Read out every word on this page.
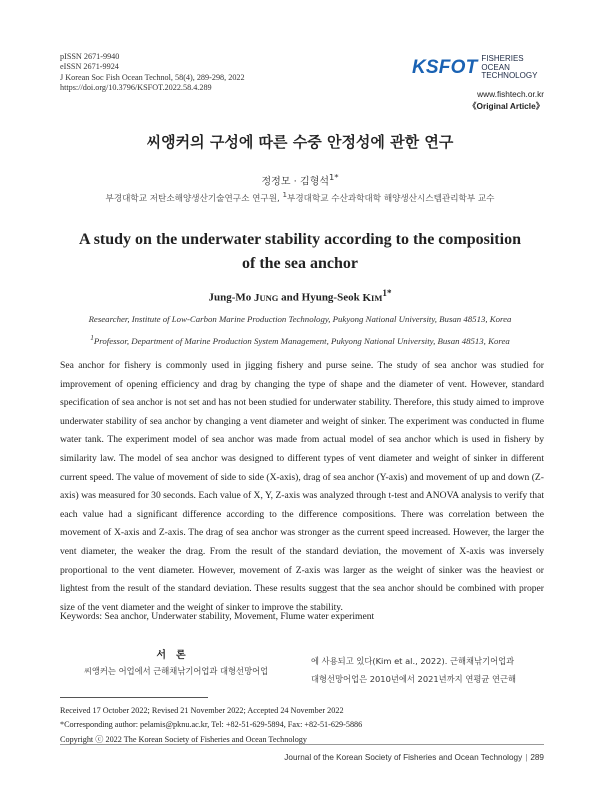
pISSN 2671-9940
eISSN 2671-9924
J Korean Soc Fish Ocean Technol, 58(4), 289-298, 2022
https://doi.org/10.3796/KSFOT.2022.58.4.289
KSFOT FISHERIES OCEAN
TECHNOLOGY
www.fishtech.or.kr
《Original Article》
씨앵커의 구성에 따른 수중 안정성에 관한 연구
정정모 · 김형석$^{1*}$
부경대학교 저탄소해양생산기술연구소 연구원, $^1$부경대학교 수산과학대학 해양생산시스템관리학부 교수
A study on the underwater stability according to the composition
of the sea anchor
Jung-Mo JUNG and Hyung-Seok $KIM^{1*}$
Researcher, Institute of Low-Carbon Marine Production Technology, Pukyong National University, Busan 48513, Korea
$^1$Professor, Department of Marine Production System Management, Pukyong National University, Busan 48513, Korea
Sea anchor for fishery is commonly used in jigging fishery and purse seine. The study of sea anchor was studied for improvement of opening efficiency and drag by changing the type of shape and the diameter of vent. However, standard specification of sea anchor is not set and has not been studied for underwater stability. Therefore, this study aimed to improve underwater stability of sea anchor by changing a vent diameter and weight of sinker. The experiment was conducted in flume water tank. The experiment model of sea anchor was made from actual model of sea anchor which is used in fishery by similarity law. The model of sea anchor was designed to different types of vent diameter and weight of sinker in different current speed. The value of movement of side to side (X-axis), drag of sea anchor (Y-axis) and movement of up and down (Z-axis) was measured for 30 seconds. Each value of X, Y, Z-axis was analyzed through t-test and ANOVA analysis to verify that each value had a significant difference according to the difference compositions. There was correlation between the movement of X-axis and Z-axis. The drag of sea anchor was stronger as the current speed increased. However, the larger the vent diameter, the weaker the drag. From the result of the standard deviation, the movement of X-axis was inversely proportional to the vent diameter. However, movement of Z-axis was larger as the weight of sinker was the heaviest or lightest from the result of the standard deviation. These results suggest that the sea anchor should be combined with proper size of the vent diameter and the weight of sinker to improve the stability.
Keywords: Sea anchor, Underwater stability, Movement, Flume water experiment
서론
씨앵커는 어업에서 근해채낚기어업과 대형선망어업
에 사용되고 있다(Kim et al., 2022). 근해채낚기어업과
대형선망어업은 2010년에서 2021년까지 연평균 연근해
Received 17 October 2022; Revised 21 November 2022; Accepted 24 November 2022
*Corresponding author: pelamis@pknu.ac.kr, Tel: +82-51-629-5894, Fax: +82-51-629-5886
Copyright ⓒ 2022 The Korean Society of Fisheries and Ocean Technology
Journal of the Korean Society of Fisheries and Ocean Technology | 289
